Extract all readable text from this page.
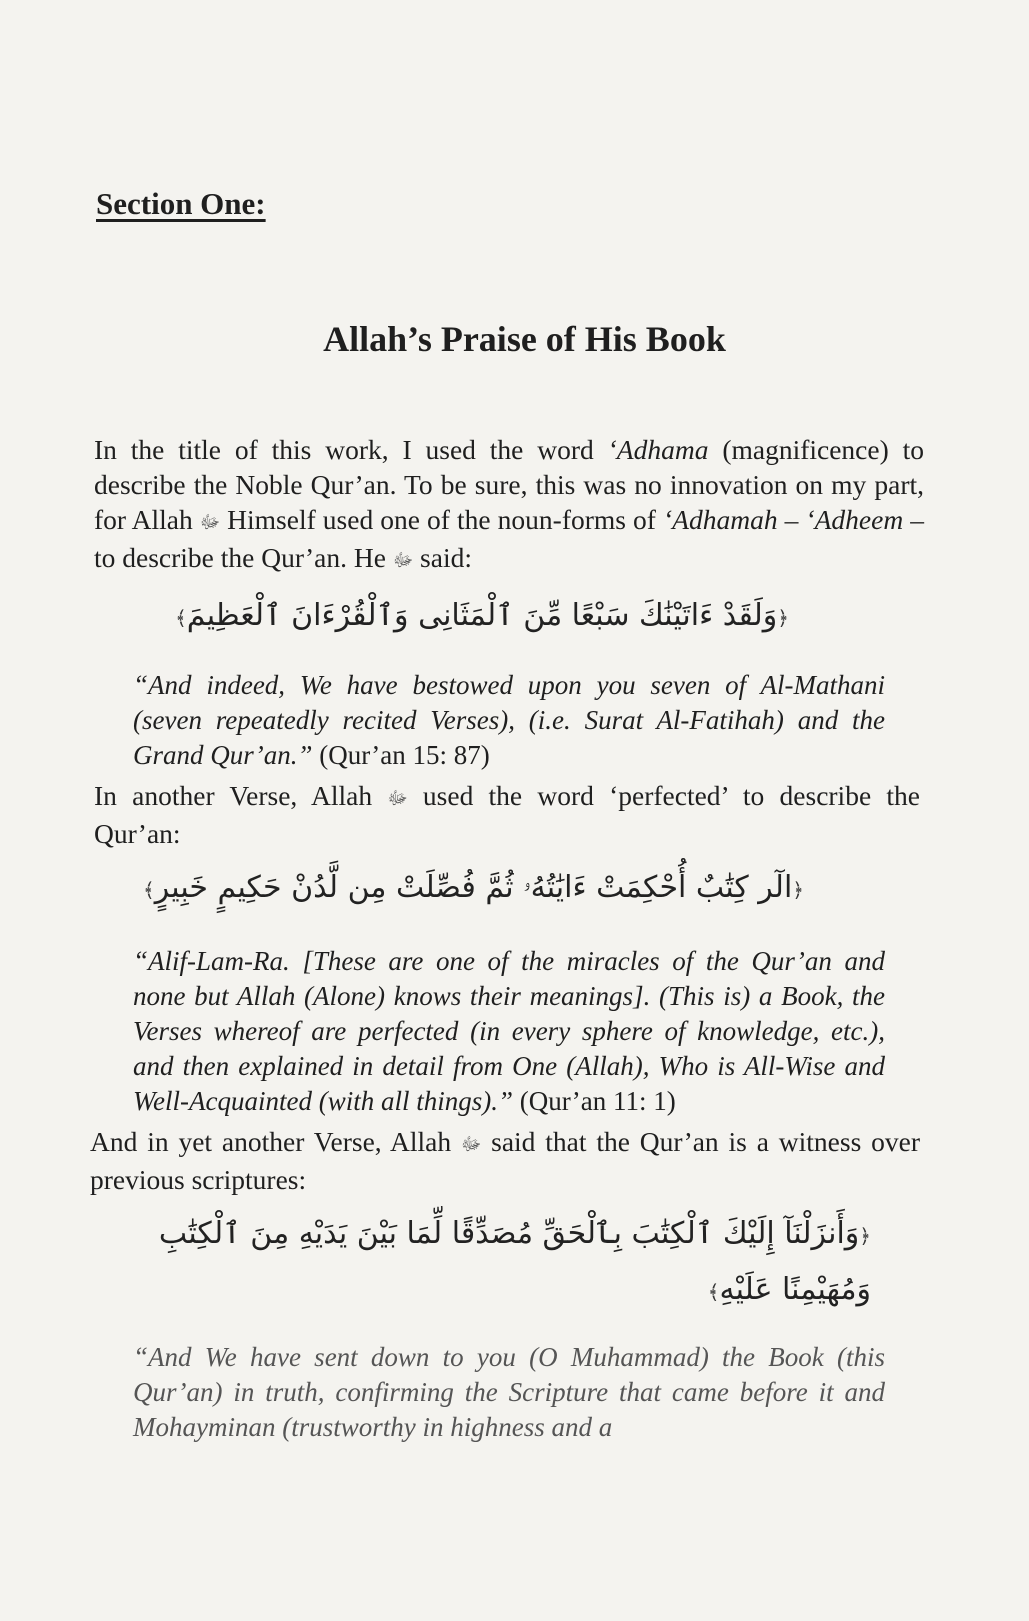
Section One:
Allah’s Praise of His Book
In the title of this work, I used the word ‘Adhama (magnificence) to describe the Noble Qur’an. To be sure, this was no innovation on my part, for Allah ﷻ Himself used one of the noun-forms of ‘Adhamah – ‘Adheem – to describe the Qur’an. He ﷻ said:
﴿وَلَقَدْ ءَاتَيْنَٰكَ سَبْعًا مِّنَ ٱلْمَثَانِى وَٱلْقُرْءَانَ ٱلْعَظِيمَ﴾
“And indeed, We have bestowed upon you seven of Al-Mathani (seven repeatedly recited Verses), (i.e. Surat Al-Fatihah) and the Grand Qur’an.” (Qur’an 15: 87)
In another Verse, Allah ﷻ used the word ‘perfected’ to describe the Qur’an:
﴿الٓر كِتَٰبٌ أُحْكِمَتْ ءَايَٰتُهُۥ ثُمَّ فُصِّلَتْ مِن لَّدُنْ حَكِيمٍ خَبِيرٍ﴾
“Alif-Lam-Ra. [These are one of the miracles of the Qur’an and none but Allah (Alone) knows their meanings]. (This is) a Book, the Verses whereof are perfected (in every sphere of knowledge, etc.), and then explained in detail from One (Allah), Who is All-Wise and Well-Acquainted (with all things).” (Qur’an 11: 1)
And in yet another Verse, Allah ﷻ said that the Qur’an is a witness over previous scriptures:
﴿وَأَنزَلْنَآ إِلَيْكَ ٱلْكِتَٰبَ بِٱلْحَقِّ مُصَدِّقًا لِّمَا بَيْنَ يَدَيْهِ مِنَ ٱلْكِتَٰبِ
وَمُهَيْمِنًا عَلَيْهِ﴾
“And We have sent down to you (O Muhammad) the Book (this Qur’an) in truth, confirming the Scripture that came before it and Mohayminan (trustworthy in highness and a
